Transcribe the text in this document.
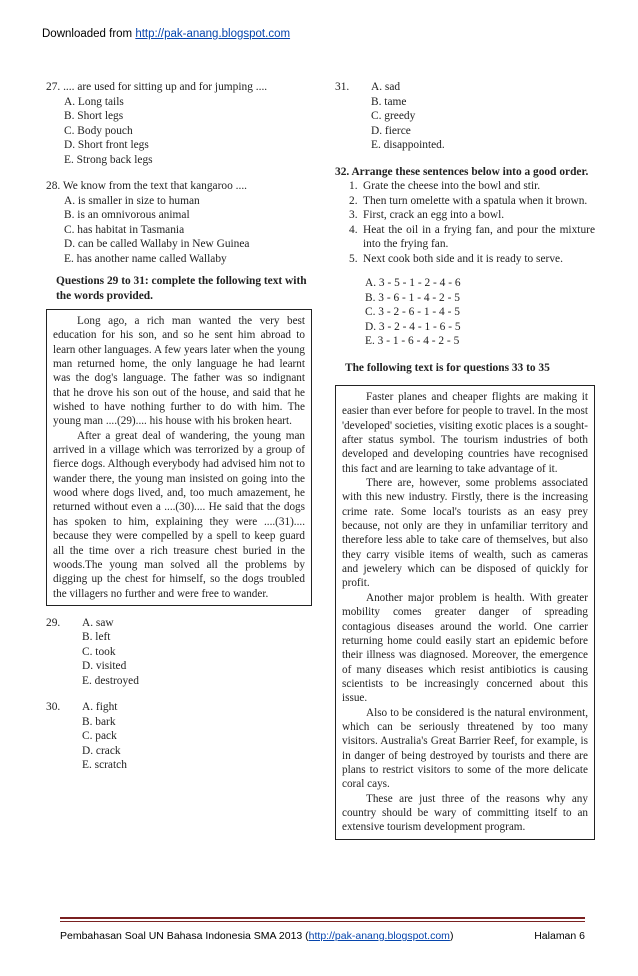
Downloaded from http://pak-anang.blogspot.com
27. .... are used for sitting up and for jumping ....
A. Long tails
B. Short legs
C. Body pouch
D. Short front legs
E. Strong back legs
28. We know from the text that kangaroo ....
A. is smaller in size to human
B. is an omnivorous animal
C. has habitat in Tasmania
D. can be called Wallaby in New Guinea
E. has another name called Wallaby
Questions 29 to 31: complete the following text with the words provided.

Long ago, a rich man wanted the very best education for his son, and so he sent him abroad to learn other languages. A few years later when the young man returned home, the only language he had learnt was the dog's language. The father was so indignant that he drove his son out of the house, and said that he wished to have nothing further to do with him. The young man ....(29).... his house with his broken heart.

After a great deal of wandering, the young man arrived in a village which was terrorized by a group of fierce dogs. Although everybody had advised him not to wander there, the young man insisted on going into the wood where dogs lived, and, too much amazement, he returned without even a ....(30).... He said that the dogs has spoken to him, explaining they were ....(31).... because they were compelled by a spell to keep guard all the time over a rich treasure chest buried in the woods.The young man solved all the problems by digging up the chest for himself, so the dogs troubled the villagers no further and were free to wander.

29.	A. saw
B. left
C. took
D. visited
E. destroyed
30.	A. fight
B. bark
C. pack
D. crack
E. scratch
31.	A. sad
B. tame
C. greedy
D. fierce
E. disappointed.
32. Arrange these sentences below into a good order.
1. Grate the cheese into the bowl and stir.
2. Then turn omelette with a spatula when it brown.
3. First, crack an egg into a bowl.
4. Heat the oil in a frying fan, and pour the mixture into the frying fan.
5. Next cook both side and it is ready to serve.
A. 3 - 5 - 1 - 2 - 4 - 6
B. 3 - 6 - 1 - 4 - 2 - 5
C. 3 - 2 - 6 - 1 - 4 - 5
D. 3 - 2 - 4 - 1 - 6 - 5
E. 3 - 1 - 6 - 4 - 2 - 5
The following text is for questions 33 to 35

Faster planes and cheaper flights are making it easier than ever before for people to travel. In the most 'developed' societies, visiting exotic places is a sought-after status symbol. The tourism industries of both developed and developing countries have recognised this fact and are learning to take advantage of it.

There are, however, some problems associated with this new industry. Firstly, there is the increasing crime rate. Some local's tourists as an easy prey because, not only are they in unfamiliar territory and therefore less able to take care of themselves, but also they carry visible items of wealth, such as cameras and jewelery which can be disposed of quickly for profit.

Another major problem is health. With greater mobility comes greater danger of spreading contagious diseases around the world. One carrier returning home could easily start an epidemic before their illness was diagnosed. Moreover, the emergence of many diseases which resist antibiotics is causing scientists to be increasingly concerned about this issue.

Also to be considered is the natural environment, which can be seriously threatened by too many visitors. Australia's Great Barrier Reef, for example, is in danger of being destroyed by tourists and there are plans to restrict visitors to some of the more delicate coral cays.

These are just three of the reasons why any country should be wary of committing itself to an extensive tourism development program.

Pembahasan Soal UN Bahasa Indonesia SMA 2013 (http://pak-anang.blogspot.com)	Halaman 6
